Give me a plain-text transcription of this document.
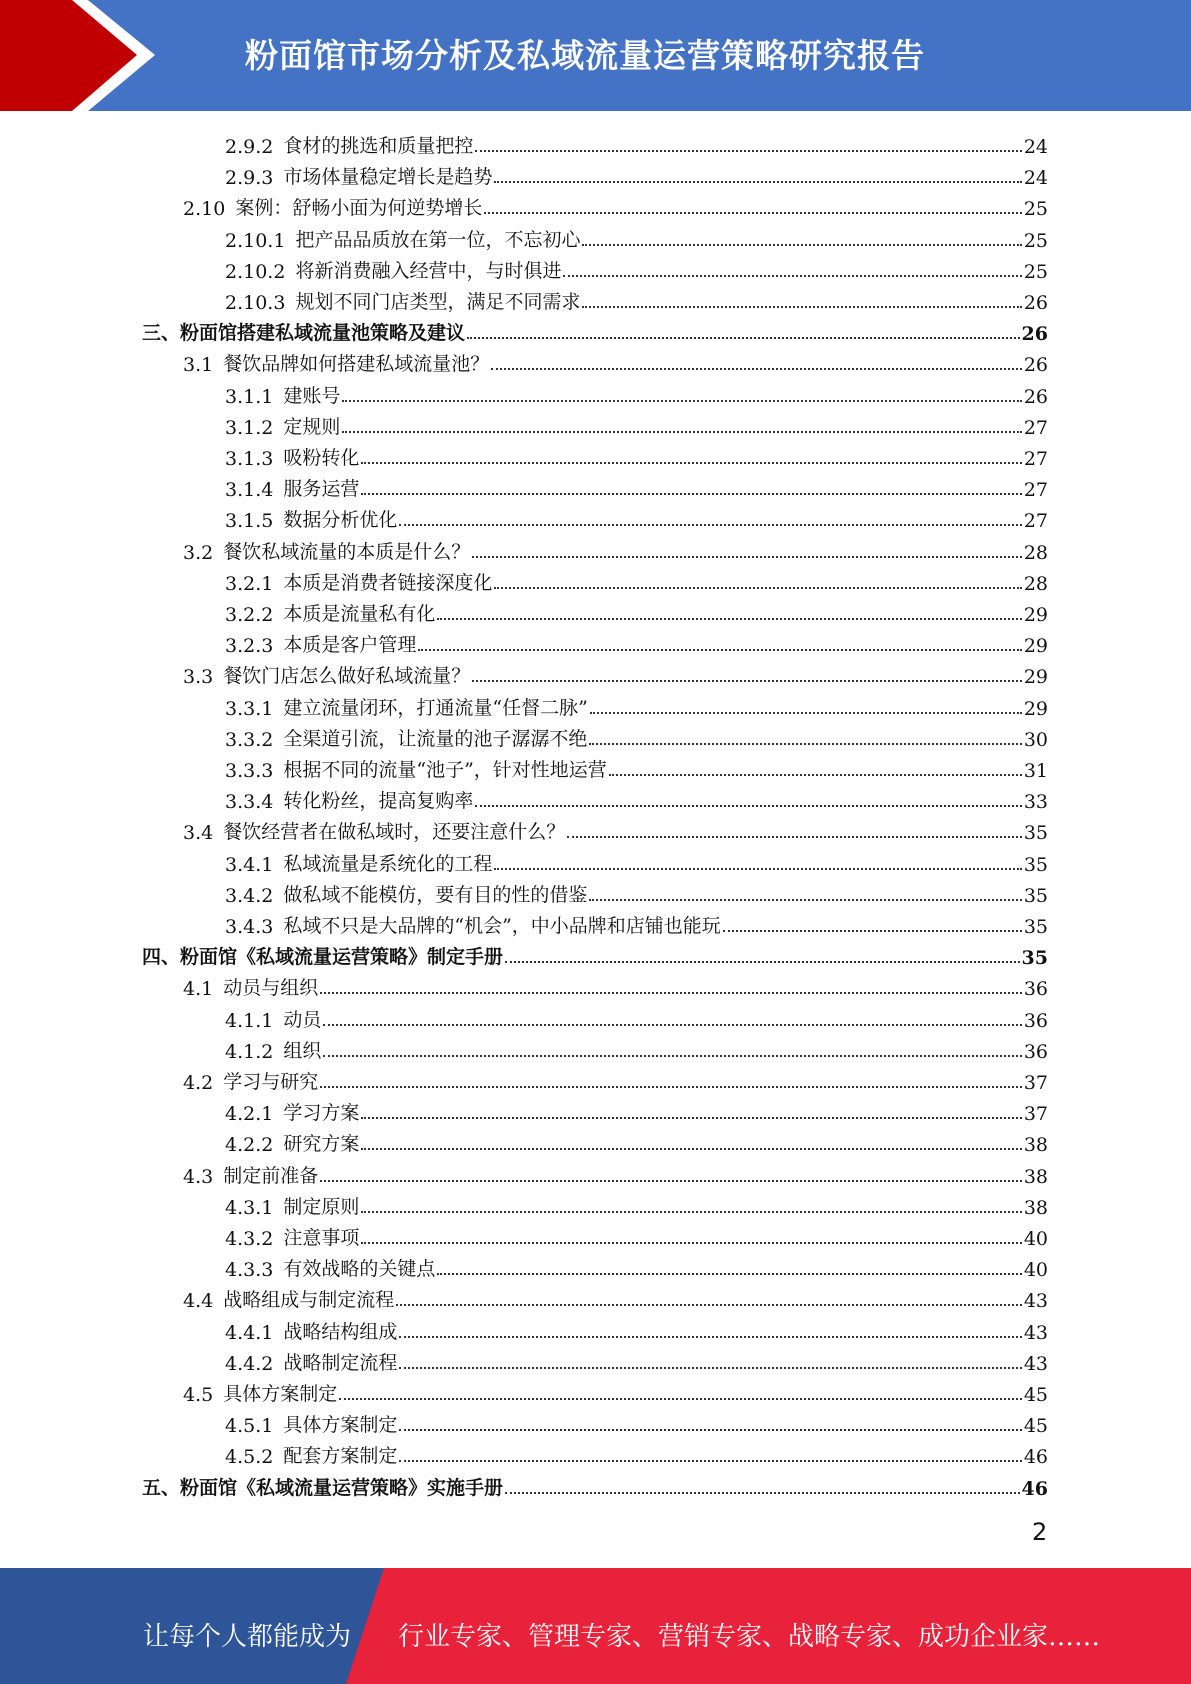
粉面馆市场分析及私域流量运营策略研究报告
2.9.2 食材的挑选和质量把控	24
2.9.3 市场体量稳定增长是趋势	24
2.10 案例：舒畅小面为何逆势增长	25
2.10.1 把产品品质放在第一位，不忘初心	25
2.10.2 将新消费融入经营中，与时俱进	25
2.10.3 规划不同门店类型，满足不同需求	26
三、粉面馆搭建私域流量池策略及建议	26
3.1 餐饮品牌如何搭建私域流量池？	26
3.1.1 建账号	26
3.1.2 定规则	27
3.1.3 吸粉转化	27
3.1.4 服务运营	27
3.1.5 数据分析优化	27
3.2 餐饮私域流量的本质是什么？	28
3.2.1 本质是消费者链接深度化	28
3.2.2 本质是流量私有化	29
3.2.3 本质是客户管理	29
3.3 餐饮门店怎么做好私域流量？	29
3.3.1 建立流量闭环，打通流量“任督二脉”	29
3.3.2 全渠道引流，让流量的池子潺潺不绝	30
3.3.3 根据不同的流量“池子”，针对性地运营	31
3.3.4 转化粉丝，提高复购率	33
3.4 餐饮经营者在做私域时，还要注意什么？	35
3.4.1 私域流量是系统化的工程	35
3.4.2 做私域不能模仿，要有目的性的借鉴	35
3.4.3 私域不只是大品牌的“机会”，中小品牌和店铺也能玩	35
四、粉面馆《私域流量运营策略》制定手册	35
4.1 动员与组织	36
4.1.1 动员	36
4.1.2 组织	36
4.2 学习与研究	37
4.2.1 学习方案	37
4.2.2 研究方案	38
4.3 制定前准备	38
4.3.1 制定原则	38
4.3.2 注意事项	40
4.3.3 有效战略的关键点	40
4.4 战略组成与制定流程	43
4.4.1 战略结构组成	43
4.4.2 战略制定流程	43
4.5 具体方案制定	45
4.5.1 具体方案制定	45
4.5.2 配套方案制定	46
五、粉面馆《私域流量运营策略》实施手册	46
2
让每个人都能成为 行业专家、管理专家、营销专家、战略专家、成功企业家……
